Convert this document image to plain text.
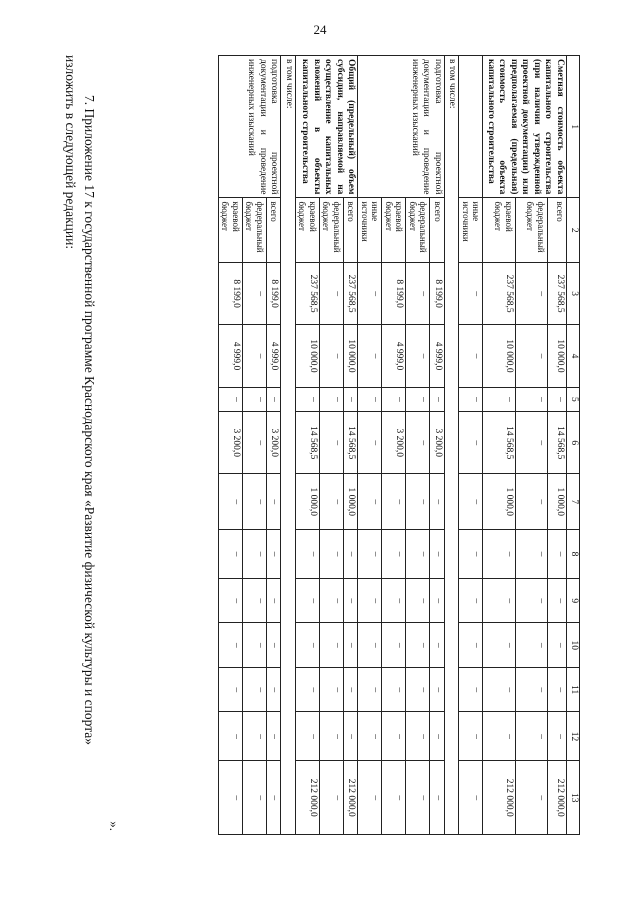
24
1	2	3	4	5	6	7	8	9	10	11	12	13
Сметная стоимость объекта капитального строительства (при наличии утвержденной проектной документации) или предполагаемая (предельная) стоимость объекта капитального строительства	всего	237 568,5	10 000,0	–	14 568,5	1 000,0	–	–	–	–	–	212 000,0
	федеральный бюджет	–	–	–	–	–	–	–	–	–	–	–
	краевой бюджет	237 568,5	10 000,0	–	14 568,5	1 000,0	–	–	–	–	–	212 000,0
	иные источники	–	–	–	–	–	–	–	–	–	–	–
в том числе:												
подготовка проектной документации и проведение инженерных изысканий	всего	8 199,0	4 999,0	–	3 200,0	–	–	–	–	–	–	–
	федеральный бюджет	–	–	–	–	–	–	–	–	–	–	–
	краевой бюджет	8 199,0	4 999,0	–	3 200,0	–	–	–	–	–	–	–
	иные источники	–	–	–	–	–	–	–	–	–	–	–
Общий (предельный) объем субсидии, направляемой на осуществление капитальных вложений в объекты капитального строительства	всего	237 568,5	10 000,0	–	14 568,5	1 000,0	–	–	–	–	–	212 000,0
	федеральный бюджет	–	–	–	–	–	–	–	–	–	–	–
	краевой бюджет	237 568,5	10 000,0	–	14 568,5	1 000,0	–	–	–	–	–	212 000,0
в том числе:												
подготовка проектной документации и проведение инженерных изысканий	всего	8 199,0	4 999,0	–	3 200,0	–	–	–	–	–	–	–
	федеральный бюджет	–	–	–	–	–	–	–	–	–	–	–
	краевой бюджет	8 199,0	4 999,0	–	3 200,0	–	–	–	–	–	–	–
».
7. Приложение 17 к государственной программе Краснодарского края «Развитие физической культуры и спорта»
изложить в следующей редакции:
